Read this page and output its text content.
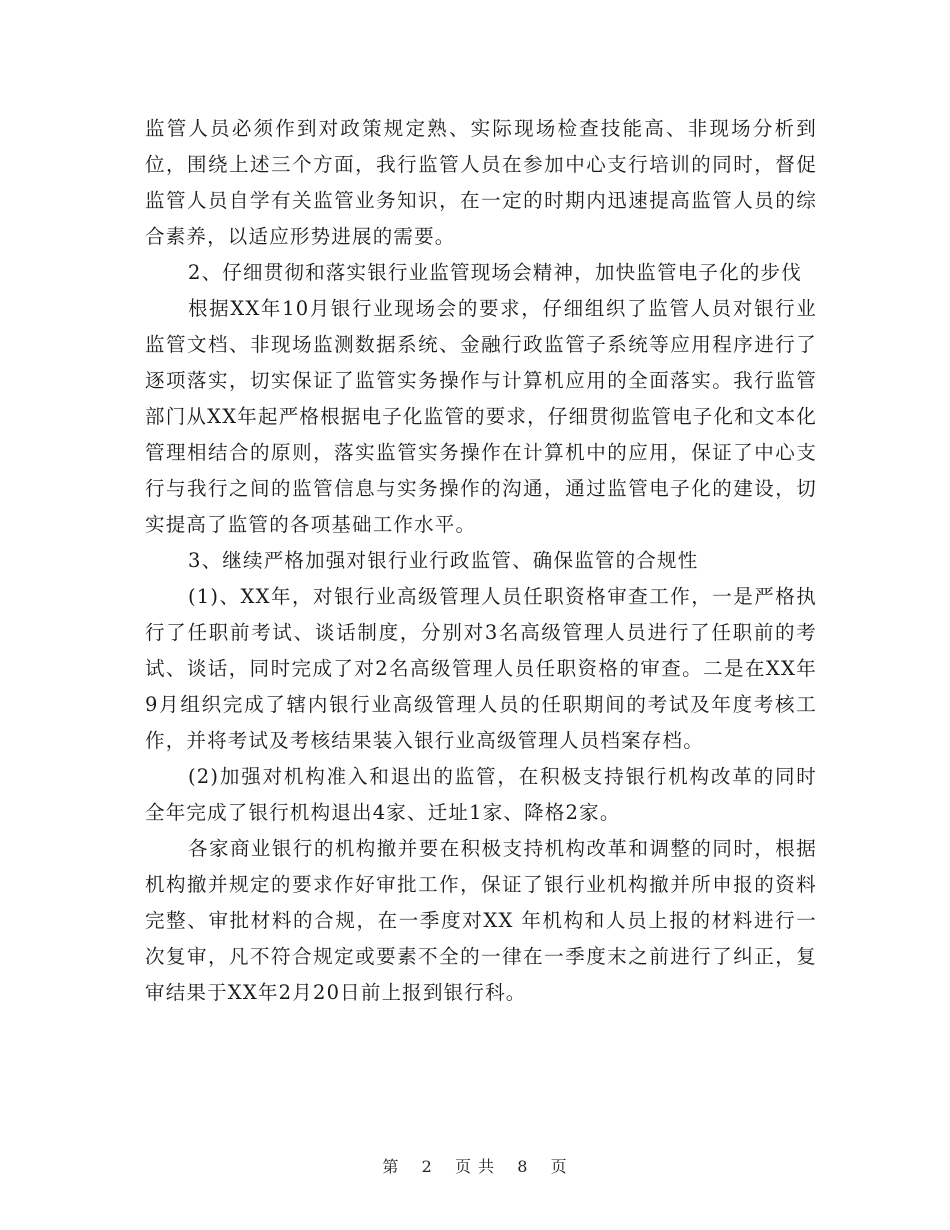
监管人员必须作到对政策规定熟、实际现场检查技能高、非现场分析到位，围绕上述三个方面，我行监管人员在参加中心支行培训的同时，督促监管人员自学有关监管业务知识，在一定的时期内迅速提高监管人员的综合素养，以适应形势进展的需要。

2、仔细贯彻和落实银行业监管现场会精神，加快监管电子化的步伐

根据XX年10月银行业现场会的要求，仔细组织了监管人员对银行业监管文档、非现场监测数据系统、金融行政监管子系统等应用程序进行了逐项落实，切实保证了监管实务操作与计算机应用的全面落实。我行监管部门从XX年起严格根据电子化监管的要求，仔细贯彻监管电子化和文本化管理相结合的原则，落实监管实务操作在计算机中的应用，保证了中心支行与我行之间的监管信息与实务操作的沟通，通过监管电子化的建设，切实提高了监管的各项基础工作水平。

3、继续严格加强对银行业行政监管、确保监管的合规性

(1)、XX年，对银行业高级管理人员任职资格审查工作，一是严格执行了任职前考试、谈话制度，分别对3名高级管理人员进行了任职前的考试、谈话，同时完成了对2名高级管理人员任职资格的审查。二是在XX年9月组织完成了辖内银行业高级管理人员的任职期间的考试及年度考核工作，并将考试及考核结果装入银行业高级管理人员档案存档。

(2)加强对机构准入和退出的监管，在积极支持银行机构改革的同时全年完成了银行机构退出4家、迁址1家、降格2家。

各家商业银行的机构撤并要在积极支持机构改革和调整的同时，根据机构撤并规定的要求作好审批工作，保证了银行业机构撤并所申报的资料完整、审批材料的合规，在一季度对XX 年机构和人员上报的材料进行一次复审，凡不符合规定或要素不全的一律在一季度末之前进行了纠正，复审结果于XX年2月20日前上报到银行科。

第 2 页 共 8 页
